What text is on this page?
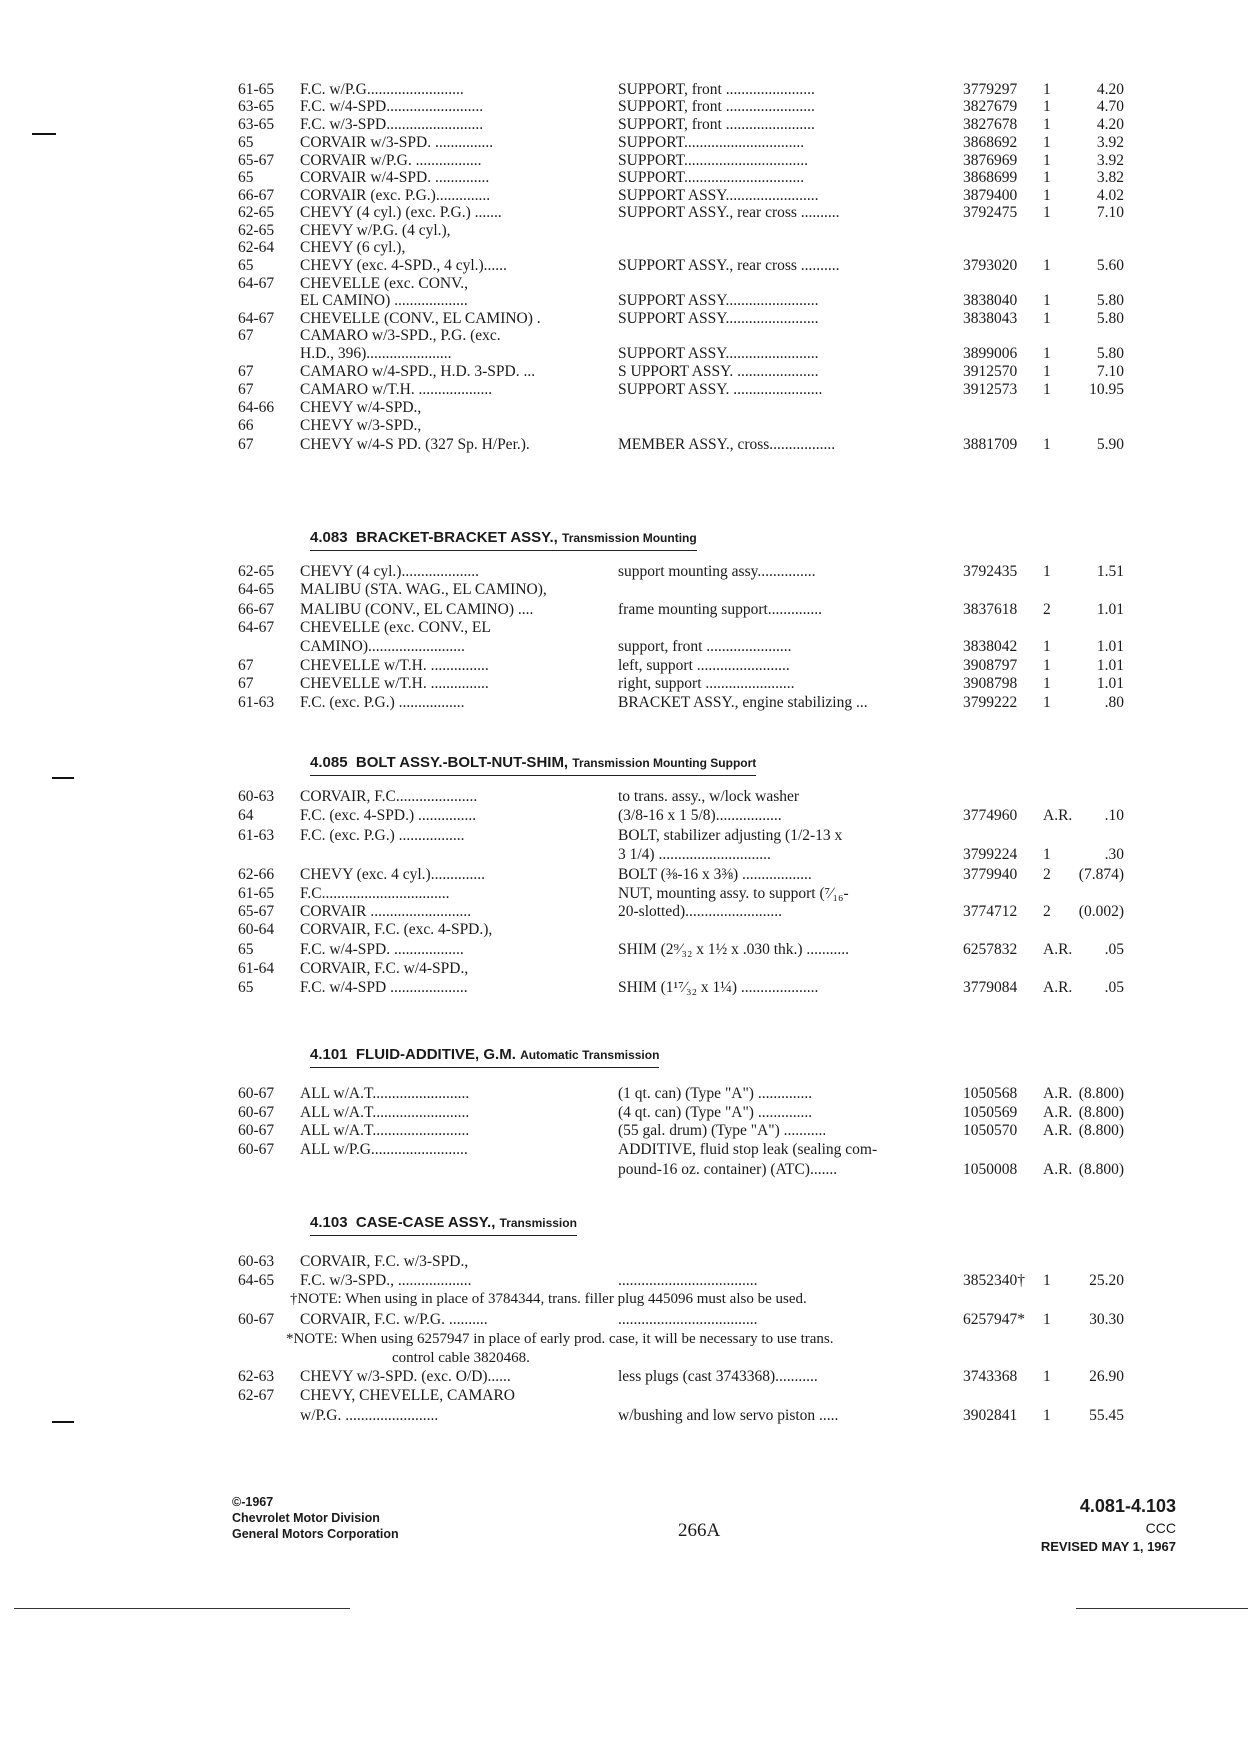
61-65 F.C. w/P.G.........................	SUPPORT, front .......................	3779297 1	4.20
63-65 F.C. w/4-SPD.........................	SUPPORT, front .......................	3827679 1	4.70
63-65 F.C. w/3-SPD.........................	SUPPORT, front .......................	3827678 1	4.20
65	CORVAIR w/3-SPD. ...............	SUPPORT...............................	3868692 1	3.92
65-67 CORVAIR w/P.G. .................	SUPPORT................................	3876969 1	3.92
65	CORVAIR w/4-SPD. ..............	SUPPORT...............................	3868699 1	3.82
66-67 CORVAIR (exc. P.G.)..............	SUPPORT ASSY........................	3879400 1	4.02
62-65 CHEVY (4 cyl.) (exc. P.G.) .......	SUPPORT ASSY., rear cross ..........	3792475 1	7.10
62-65 CHEVY w/P.G. (4 cyl.),
62-64 CHEVY (6 cyl.),
65	CHEVY (exc. 4-SPD., 4 cyl.)......	SUPPORT ASSY., rear cross ..........	3793020 1	5.60
64-67 CHEVELLE (exc. CONV.,
EL CAMINO) ...................	SUPPORT ASSY........................	3838040 1	5.80
64-67 CHEVELLE (CONV., EL CAMINO) .	SUPPORT ASSY........................	3838043 1	5.80
67	CAMARO w/3-SPD., P.G. (exc.
H.D., 396)......................	SUPPORT ASSY........................	3899006 1	5.80
67	CAMARO w/4-SPD., H.D. 3-SPD. ...	S UPPORT ASSY. .....................	3912570 1	7.10
67	CAMARO w/T.H. ...................	SUPPORT ASSY. .......................	3912573 1	10.95
64-66 CHEVY w/4-SPD.,
66	CHEVY w/3-SPD.,
67	CHEVY w/4-S PD. (327 Sp. H/Per.).	MEMBER ASSY., cross.................	3881709 1	5.90
4.083 BRACKET-BRACKET ASSY., Transmission Mounting
62-65 CHEVY (4 cyl.)....................	support mounting assy...............	3792435 1	1.51
64-65 MALIBU (STA. WAG., EL CAMINO),
66-67 MALIBU (CONV., EL CAMINO) ....	frame mounting support..............	3837618 2	1.01
64-67 CHEVELLE (exc. CONV., EL
CAMINO).........................	support, front ......................	3838042 1	1.01
67	CHEVELLE w/T.H. ...............	left, support ........................	3908797 1	1.01
67	CHEVELLE w/T.H. ...............	right, support .......................	3908798 1	1.01
61-63 F.C. (exc. P.G.) .................	BRACKET ASSY., engine stabilizing ...	3799222 1	.80
4.085 BOLT ASSY.-BOLT-NUT-SHIM, Transmission Mounting Support
60-63 CORVAIR, F.C.....................	to trans. assy., w/lock washer
64	F.C. (exc. 4-SPD.) ...............	(3/8-16 x 1 5/8).................	3774960 A.R.	.10
61-63 F.C. (exc. P.G.) .................	BOLT, stabilizer adjusting (1/2-13 x
3 1/4) .............................	3799224 1	.30
62-66 CHEVY (exc. 4 cyl.)..............	BOLT (⅜-16 x 3⅜) ..................	3779940 2	(7.874)
61-65 F.C.................................	NUT, mounting assy. to support (⁷⁄₁₆-
65-67 CORVAIR ..........................	20-slotted).........................	3774712 2	(0.002)
60-64 CORVAIR, F.C. (exc. 4-SPD.),
65	F.C. w/4-SPD. ..................	SHIM (2⁹⁄₃₂ x 1½ x .030 thk.) ...........	6257832 A.R.	.05
61-64 CORVAIR, F.C. w/4-SPD.,
65	F.C. w/4-SPD ....................	SHIM (1¹⁷⁄₃₂ x 1¼) ....................	3779084 A.R.	.05
4.101 FLUID-ADDITIVE, G.M. Automatic Transmission
60-67 ALL w/A.T.........................	(1 qt. can) (Type "A") ..............	1050568 A.R. (8.800)
60-67 ALL w/A.T.........................	(4 qt. can) (Type "A") ..............	1050569 A.R. (8.800)
60-67 ALL w/A.T.........................	(55 gal. drum) (Type "A") ...........	1050570 A.R. (8.800)
60-67 ALL w/P.G.........................	ADDITIVE, fluid stop leak (sealing com-
pound-16 oz. container) (ATC).......	1050008 A.R. (8.800)
4.103 CASE-CASE ASSY., Transmission
60-63 CORVAIR, F.C. w/3-SPD.,
64-65 F.C. w/3-SPD., ...................	....................................	3852340† 1	25.20
60-67 CORVAIR, F.C. w/P.G. ..........	....................................	6257947* 1	30.30
62-63 CHEVY w/3-SPD. (exc. O/D)......	less plugs (cast 3743368)...........	3743368 1	26.90
62-67 CHEVY, CHEVELLE, CAMARO
w/P.G. ........................	w/bushing and low servo piston .....	3902841 1	55.45
†NOTE: When using in place of 3784344, trans. filler plug 445096 must also be used.
*NOTE: When using 6257947 in place of early prod. case, it will be necessary to use trans.
control cable 3820468.
©-1967
Chevrolet Motor Division
General Motors Corporation	266A
4.081-4.103
CCC
REVISED MAY 1, 1967
